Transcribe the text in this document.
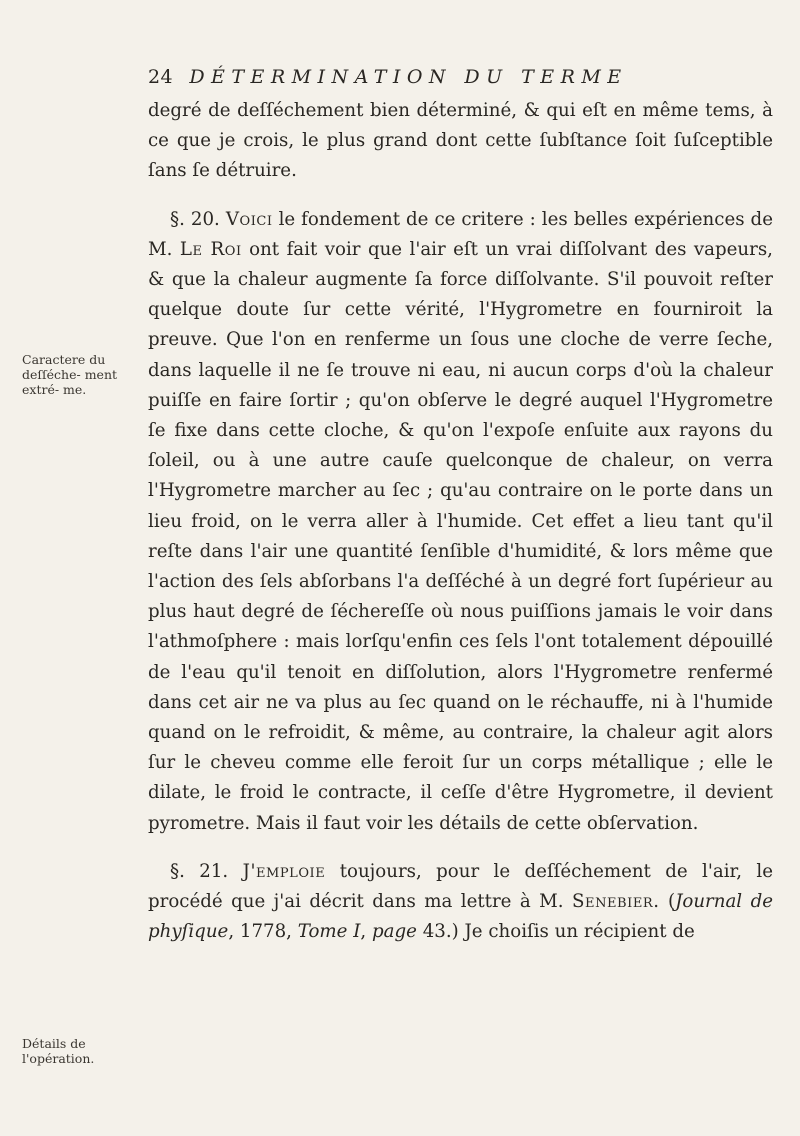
24 DÉTERMINATION DU TERME
Caractere du deſſéche- ment extré- me.
Détails de l'opération.

degré de deſſéchement bien déterminé, & qui eſt en même tems, à ce que je crois, le plus grand dont cette ſubſtance ſoit ſuſceptible ſans ſe détruire.

§. 20. Voici le fondement de ce critere : les belles expériences de M. Le Roi ont fait voir que l'air eſt un vrai diſſolvant des vapeurs, & que la chaleur augmente ſa force diſſolvante. S'il pouvoit reſter quelque doute ſur cette vérité, l'Hygrometre en fourniroit la preuve. Que l'on en renferme un ſous une cloche de verre ſeche, dans laquelle il ne ſe trouve ni eau, ni aucun corps d'où la chaleur puiſſe en faire ſortir ; qu'on obſerve le degré auquel l'Hygrometre ſe fixe dans cette cloche, & qu'on l'expoſe enſuite aux rayons du ſoleil, ou à une autre cauſe quelconque de chaleur, on verra l'Hygrometre marcher au ſec ; qu'au contraire on le porte dans un lieu froid, on le verra aller à l'humide. Cet effet a lieu tant qu'il reſte dans l'air une quantité ſenſible d'humidité, & lors même que l'action des ſels abſorbans l'a deſſéché à un degré fort ſupérieur au plus haut degré de ſéchereſſe où nous puiſſions jamais le voir dans l'athmoſphere : mais lorſqu'enfin ces ſels l'ont totalement dépouillé de l'eau qu'il tenoit en diſſolution, alors l'Hygrometre renfermé dans cet air ne va plus au ſec quand on le réchauffe, ni à l'humide quand on le refroidit, & même, au contraire, la chaleur agit alors ſur le cheveu comme elle feroit ſur un corps métallique ; elle le dilate, le froid le contracte, il ceſſe d'être Hygrometre, il devient pyrometre. Mais il faut voir les détails de cette obſervation.

§. 21. J'emploie toujours, pour le deſſéchement de l'air, le procédé que j'ai décrit dans ma lettre à M. Senebier. (Journal de phyſique, 1778, Tome I, page 43.) Je choiſis un récipient de
